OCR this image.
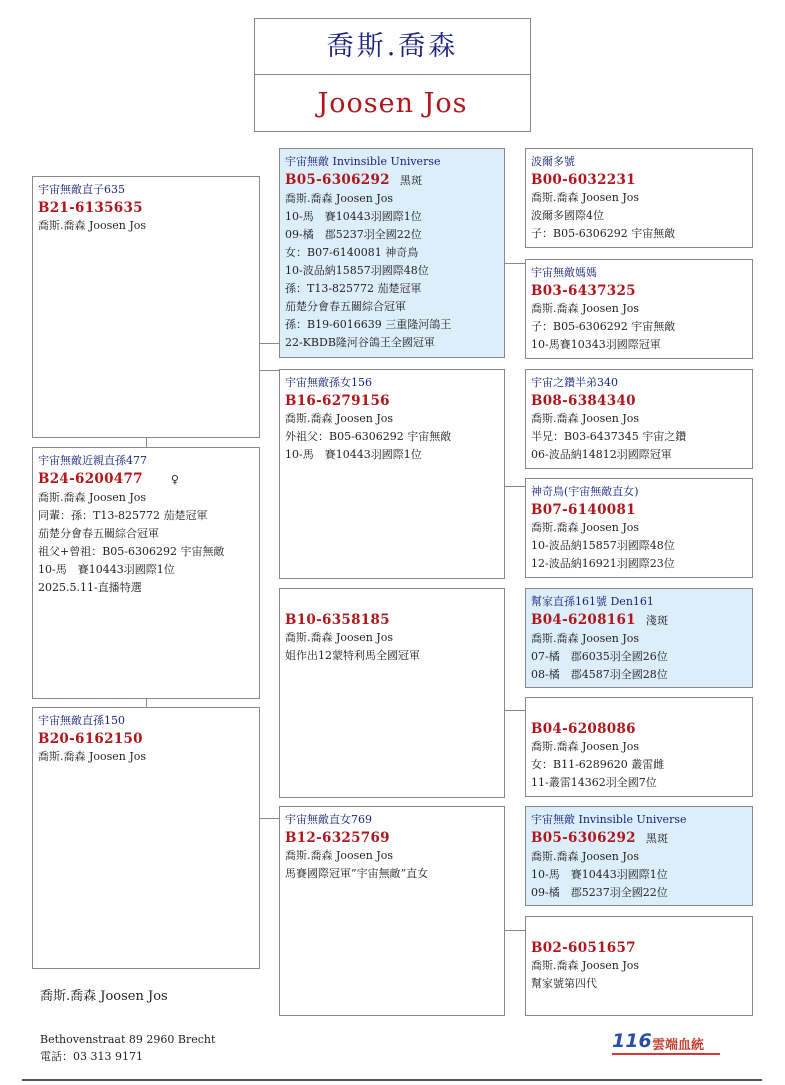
喬斯.喬森
Joosen Jos
宇宙無敵直子635
B21-6135635
喬斯.喬森 Joosen Jos
宇宙無敵近親直孫477
B24-6200477	♀
喬斯.喬森 Joosen Jos
同輩：孫：T13-825772 茄楚冠軍
茄楚分會春五關綜合冠軍
祖父+曾祖：B05-6306292 宇宙無敵
10-馬　賽10443羽國際1位
2025.5.11-直播特選
宇宙無敵直孫150
B20-6162150
喬斯.喬森 Joosen Jos
宇宙無敵 Invinsible Universe
B05-6306292 黑斑
喬斯.喬森 Joosen Jos
10-馬　賽10443羽國際1位
09-橘　郡5237羽全國22位
女：B07-6140081 神奇鳥
10-波品納15857羽國際48位
孫：T13-825772 茄楚冠軍
茄楚分會春五關綜合冠軍
孫：B19-6016639 三重隆河鴿王
22-KBDB隆河谷鴿王全國冠軍
宇宙無敵孫女156
B16-6279156
喬斯.喬森 Joosen Jos
外祖父：B05-6306292 宇宙無敵
10-馬　賽10443羽國際1位
B10-6358185
喬斯.喬森 Joosen Jos
姐作出12蒙特利馬全國冠軍
宇宙無敵直女769
B12-6325769
喬斯.喬森 Joosen Jos
馬賽國際冠軍”宇宙無敵”直女
波爾多號
B00-6032231
喬斯.喬森 Joosen Jos
波爾多國際4位
子：B05-6306292 宇宙無敵
宇宙無敵媽媽
B03-6437325
喬斯.喬森 Joosen Jos
子：B05-6306292 宇宙無敵
10-馬賽10343羽國際冠軍
宇宙之鑽半弟340
B08-6384340
喬斯.喬森 Joosen Jos
半兄：B03-6437345 宇宙之鑽
06-波品納14812羽國際冠軍
神奇鳥(宇宙無敵直女)
B07-6140081
喬斯.喬森 Joosen Jos
10-波品納15857羽國際48位
12-波品納16921羽國際23位
幫家直孫161號 Den161
B04-6208161 淺斑
喬斯.喬森 Joosen Jos
07-橘　郡6035羽全國26位
08-橘　郡4587羽全國28位
B04-6208086
喬斯.喬森 Joosen Jos
女：B11-6289620 叢雷雌
11-叢雷14362羽全國7位
宇宙無敵 Invinsible Universe
B05-6306292 黑斑
喬斯.喬森 Joosen Jos
10-馬　賽10443羽國際1位
09-橘　郡5237羽全國22位
B02-6051657
喬斯.喬森 Joosen Jos
幫家號第四代
喬斯.喬森 Joosen Jos
Bethovenstraat 89 2960 Brecht
電話：03 313 9171
116 雲端血統
